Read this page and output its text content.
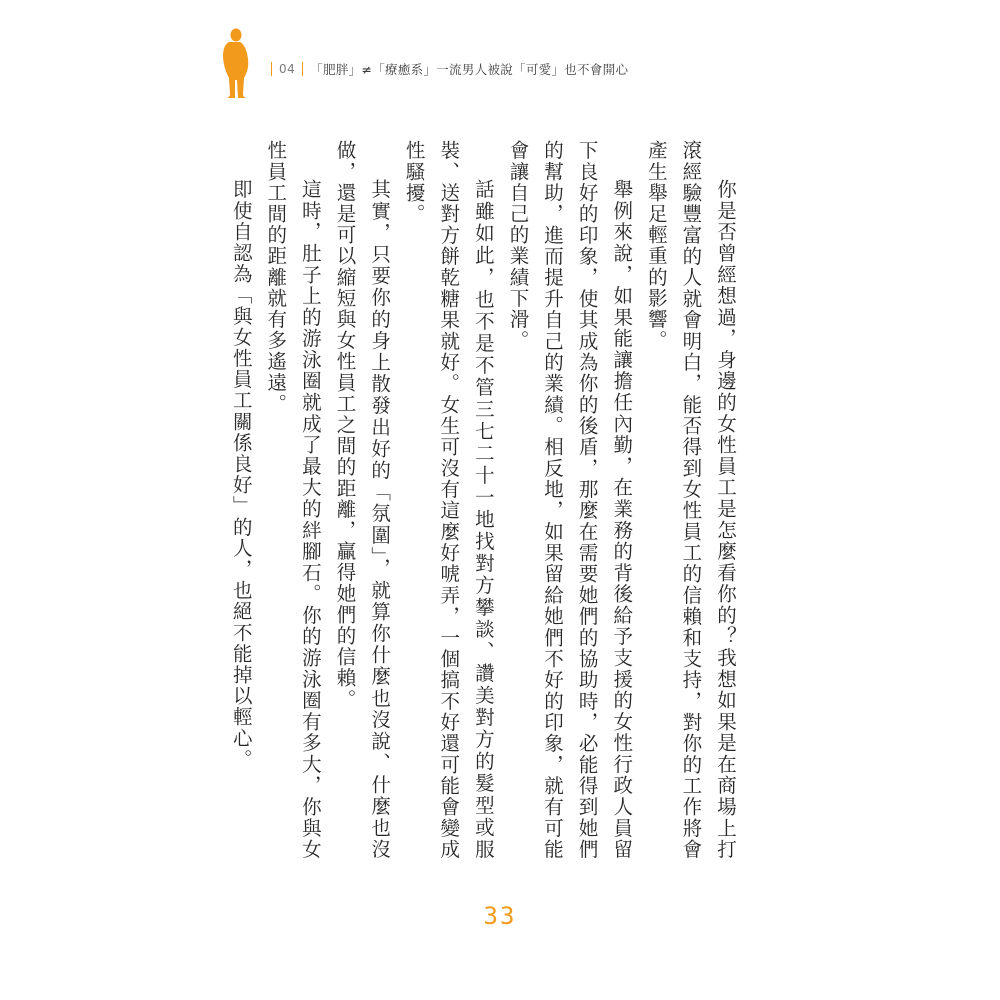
04 「肥胖」≠「療癒系」一流男人被說「可愛」也不會開心

你是否曾經想過，身邊的女性員工是怎麼看你的？我想如果是在商場上打滾經驗豐富的人就會明白，能否得到女性員工的信賴和支持，對你的工作將會產生舉足輕重的影響。

舉例來說，如果能讓擔任內勤，在業務的背後給予支援的女性行政人員留下良好的印象，使其成為你的後盾，那麼在需要她們的協助時，必能得到她們的幫助，進而提升自己的業績。相反地，如果留給她們不好的印象，就有可能會讓自己的業績下滑。

話雖如此，也不是不管三七二十一地找對方攀談、讚美對方的髮型或服裝、送對方餅乾糖果就好。女生可沒有這麼好唬弄，一個搞不好還可能會變成性騷擾。

其實，只要你的身上散發出好的「氛圍」，就算你什麼也沒說、什麼也沒做，還是可以縮短與女性員工之間的距離，贏得她們的信賴。

這時，肚子上的游泳圈就成了最大的絆腳石。你的游泳圈有多大，你與女性員工間的距離就有多遙遠。

即使自認為「與女性員工關係良好」的人，也絕不能掉以輕心。

33
